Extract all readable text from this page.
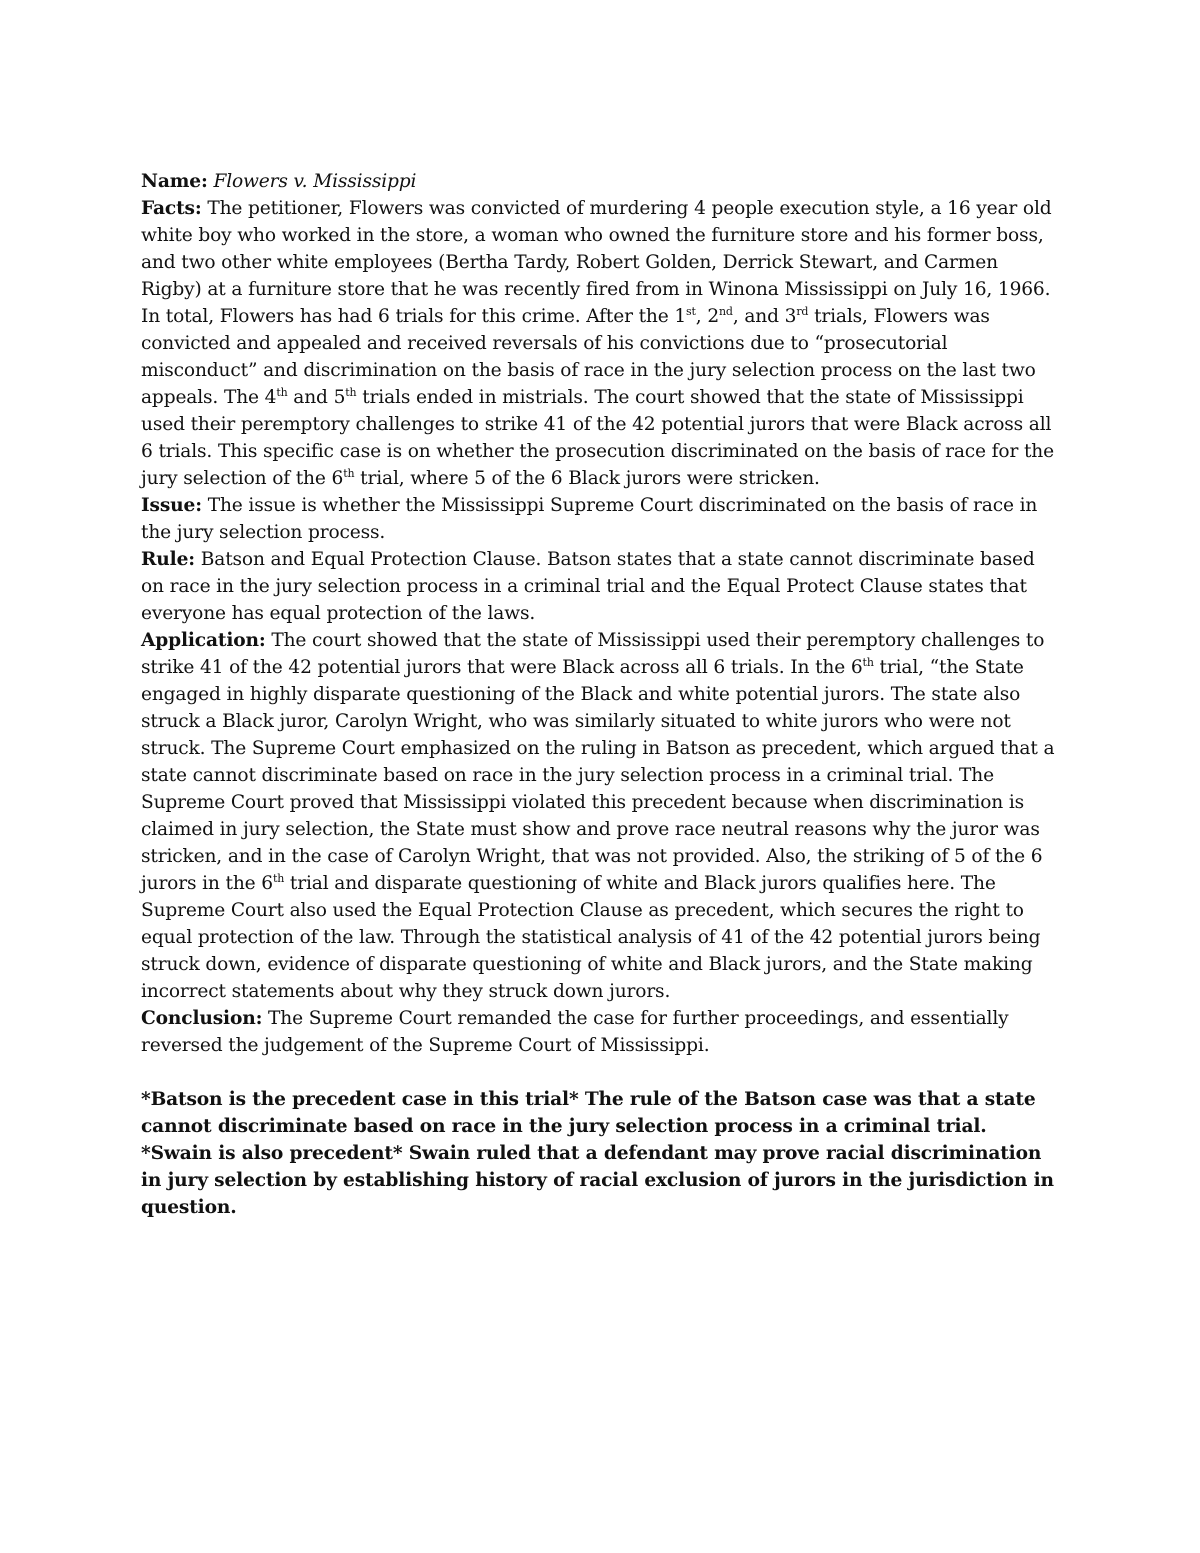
Name: Flowers v. Mississippi

Facts: The petitioner, Flowers was convicted of murdering 4 people execution style, a 16 year old white boy who worked in the store, a woman who owned the furniture store and his former boss, and two other white employees (Bertha Tardy, Robert Golden, Derrick Stewart, and Carmen Rigby) at a furniture store that he was recently fired from in Winona Mississippi on July 16, 1966. In total, Flowers has had 6 trials for this crime. After the 1st, 2nd, and 3rd trials, Flowers was convicted and appealed and received reversals of his convictions due to “prosecutorial misconduct” and discrimination on the basis of race in the jury selection process on the last two appeals. The 4th and 5th trials ended in mistrials. The court showed that the state of Mississippi used their peremptory challenges to strike 41 of the 42 potential jurors that were Black across all 6 trials. This specific case is on whether the prosecution discriminated on the basis of race for the jury selection of the 6th trial, where 5 of the 6 Black jurors were stricken.

Issue: The issue is whether the Mississippi Supreme Court discriminated on the basis of race in the jury selection process.

Rule: Batson and Equal Protection Clause. Batson states that a state cannot discriminate based on race in the jury selection process in a criminal trial and the Equal Protect Clause states that everyone has equal protection of the laws.

Application: The court showed that the state of Mississippi used their peremptory challenges to strike 41 of the 42 potential jurors that were Black across all 6 trials. In the 6th trial, “the State engaged in highly disparate questioning of the Black and white potential jurors. The state also struck a Black juror, Carolyn Wright, who was similarly situated to white jurors who were not struck. The Supreme Court emphasized on the ruling in Batson as precedent, which argued that a state cannot discriminate based on race in the jury selection process in a criminal trial. The Supreme Court proved that Mississippi violated this precedent because when discrimination is claimed in jury selection, the State must show and prove race neutral reasons why the juror was stricken, and in the case of Carolyn Wright, that was not provided. Also, the striking of 5 of the 6 jurors in the 6th trial and disparate questioning of white and Black jurors qualifies here. The Supreme Court also used the Equal Protection Clause as precedent, which secures the right to equal protection of the law. Through the statistical analysis of 41 of the 42 potential jurors being struck down, evidence of disparate questioning of white and Black jurors, and the State making incorrect statements about why they struck down jurors.

Conclusion: The Supreme Court remanded the case for further proceedings, and essentially reversed the judgement of the Supreme Court of Mississippi.

*Batson is the precedent case in this trial* The rule of the Batson case was that a state cannot discriminate based on race in the jury selection process in a criminal trial.

*Swain is also precedent* Swain ruled that a defendant may prove racial discrimination in jury selection by establishing history of racial exclusion of jurors in the jurisdiction in question.
